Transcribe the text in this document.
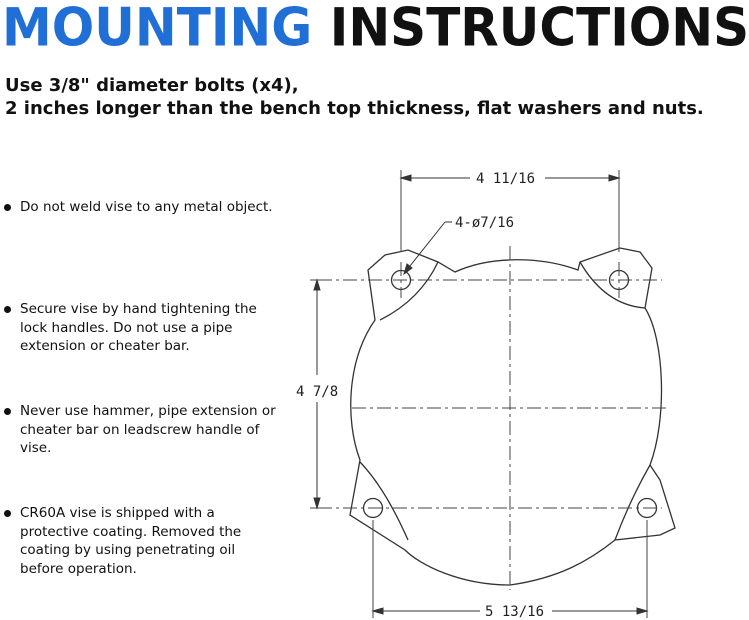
MOUNTING INSTRUCTIONS
Use 3/8" diameter bolts (x4),
2 inches longer than the bench top thickness, flat washers and nuts.
Do not weld vise to any metal object.
Secure vise by hand tightening the lock handles. Do not use a pipe extension or cheater bar.
Never use hammer, pipe extension or cheater bar on leadscrew handle of vise.
CR60A vise is shipped with a protective coating. Removed the coating by using penetrating oil before operation.
4 11/16
4-ø7/16
4 7/8
5 13/16
